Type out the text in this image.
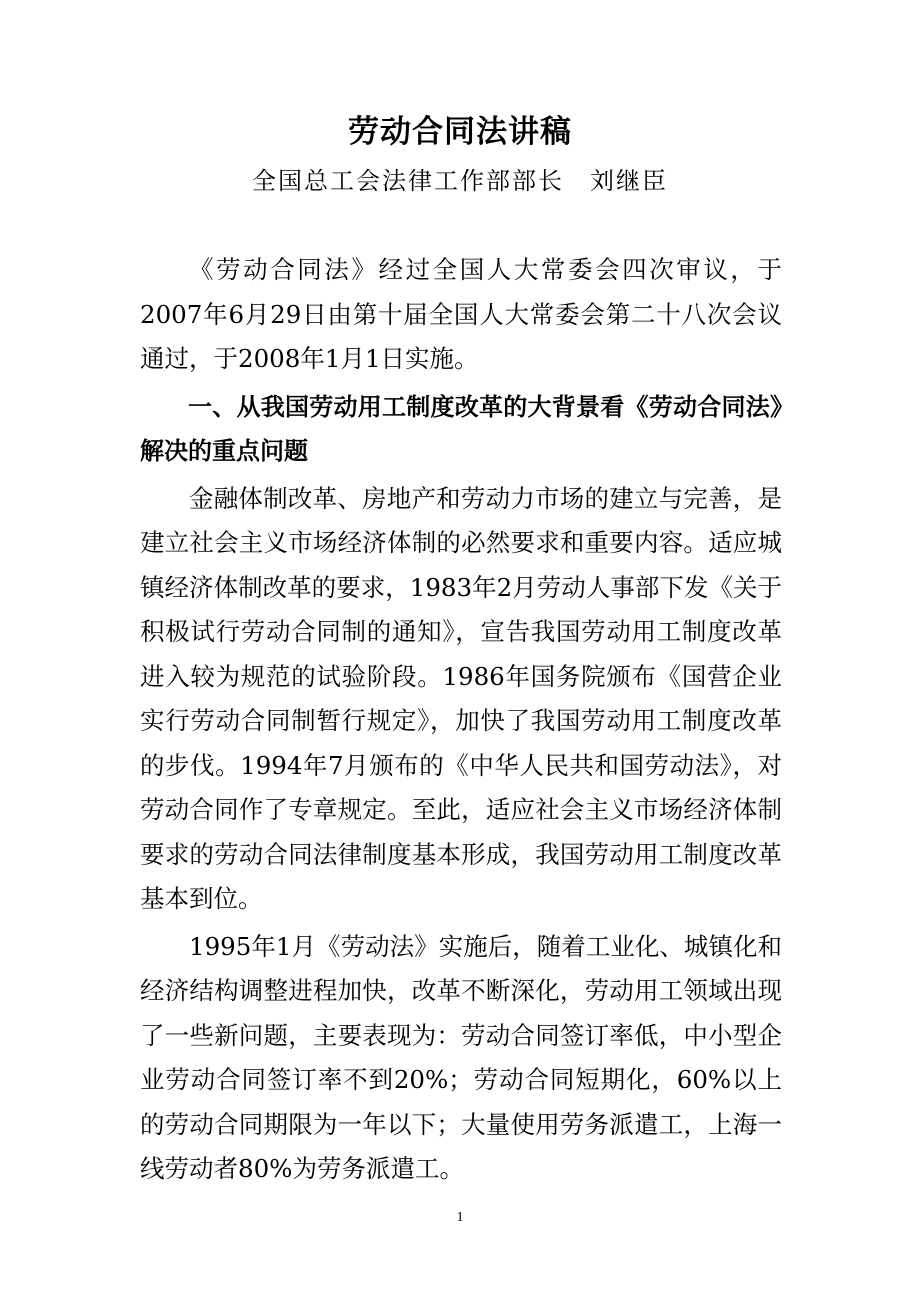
劳动合同法讲稿
全国总工会法律工作部部长　刘继臣

《劳动合同法》经过全国人大常委会四次审议，于2007年6月29日由第十届全国人大常委会第二十八次会议通过，于2008年1月1日实施。

一、从我国劳动用工制度改革的大背景看《劳动合同法》解决的重点问题

金融体制改革、房地产和劳动力市场的建立与完善，是建立社会主义市场经济体制的必然要求和重要内容。适应城镇经济体制改革的要求，1983年2月劳动人事部下发《关于积极试行劳动合同制的通知》，宣告我国劳动用工制度改革进入较为规范的试验阶段。1986年国务院颁布《国营企业实行劳动合同制暂行规定》，加快了我国劳动用工制度改革的步伐。1994年7月颁布的《中华人民共和国劳动法》，对劳动合同作了专章规定。至此，适应社会主义市场经济体制要求的劳动合同法律制度基本形成，我国劳动用工制度改革基本到位。

1995年1月《劳动法》实施后，随着工业化、城镇化和经济结构调整进程加快，改革不断深化，劳动用工领域出现了一些新问题，主要表现为：劳动合同签订率低，中小型企业劳动合同签订率不到20%；劳动合同短期化，60%以上的劳动合同期限为一年以下；大量使用劳务派遣工，上海一线劳动者80%为劳务派遣工。

1
